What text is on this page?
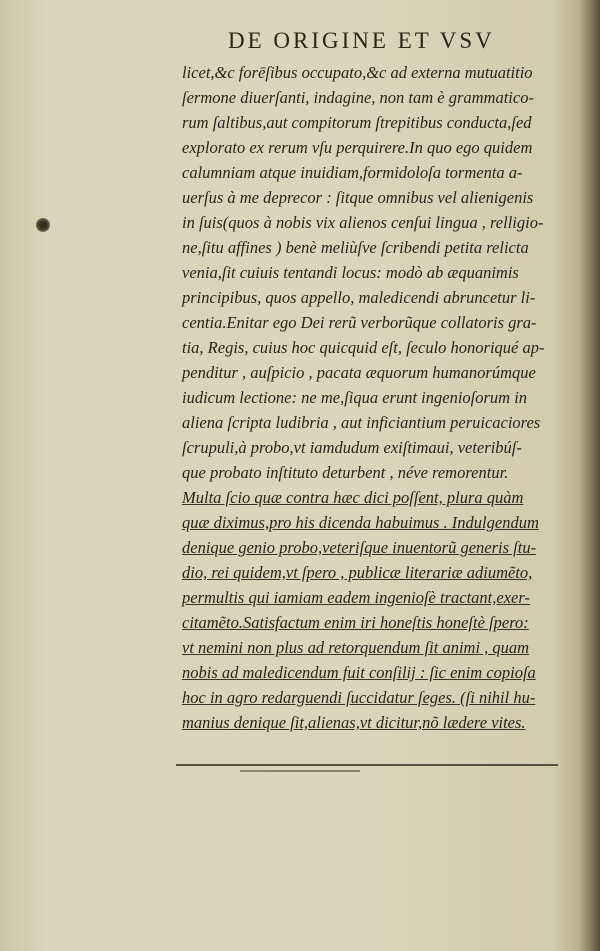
DE ORIGINE ET VSV
licet,&c forēſibus occupato,&c ad externa mutuatitio
ſermone diuerſanti, indagine, non tam è grammatico-
rum ſaltibus,aut compitorum ſtrepitibus conducta,ſed
explorato ex rerum vſu perquirere.In quo ego quidem
calumniam atque inuidiam,formidoloſa tormenta a-
uerſus à me deprecor : ſitque omnibus vel alienigenis
in ſuis(quos à nobis vix alienos cenſui lingua , relligio-
ne,ſitu affines ) benè meliùſve ſcribendi petita relicta
venia,ſit cuiuis tentandi locus: modò ab æquanimis
principibus, quos appello, maledicendi abruncetur li-
centia.Enitar ego Dei rerũ verborũque collatoris gra-
tia, Regis, cuius hoc quicquid eſt, ſeculo honoriqué ap-
penditur , auſpicio , pacata æquorum humanorúmque
iudicum lectione: ne me,ſiqua erunt ingenioſorum in
aliena ſcripta ludibria , aut inficiantium peruicaciores
ſcrupuli,à probo,vt iamdudum exiſtimaui, veteribúſ-
que probato inſtituto deturbent , néve remorentur.
Multa ſcio quæ contra hæc dici poſſent, plura quàm
quæ diximus,pro his dicenda habuimus . Indulgendum
denique genio probo,veteriſque inuentorũ generis ſtu-
dio, rei quidem,vt ſpero , publicæ literariæ adiumẽto,
permultis qui iamiam eadem ingenioſè tractant,exer-
citamẽto.Satisfactum enim iri honeſtis honeſtè ſpero:
vt nemini non plus ad retorquendum ſit animi , quam
nobis ad maledicendum fuit conſilij : ſic enim copioſa
hoc in agro redarguendi ſuccidatur ſeges. (ſi nihil hu-
manius denique ſit,alienas,vt dicitur,nõ lædere vites.
